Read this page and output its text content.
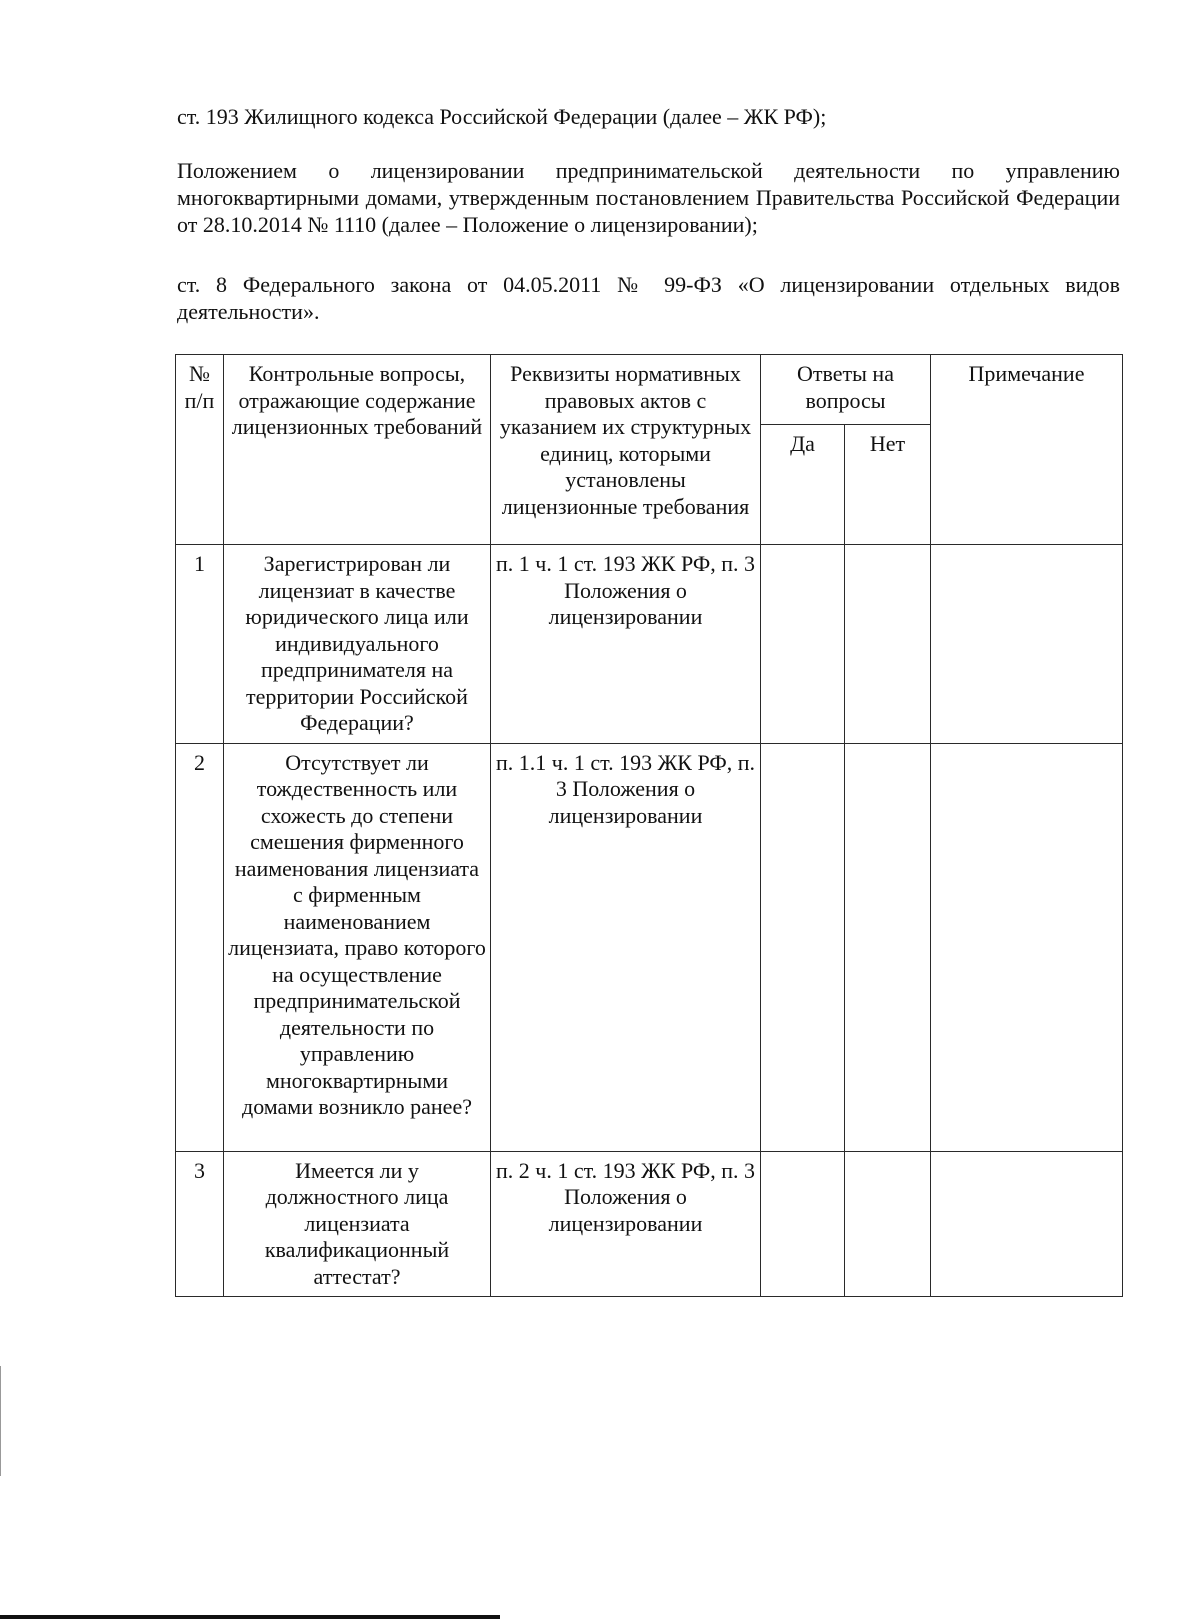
ст. 193 Жилищного кодекса Российской Федерации (далее – ЖК РФ);

Положением о лицензировании предпринимательской деятельности по управлению многоквартирными домами, утвержденным постановлением Правительства Российской Федерации от 28.10.2014 № 1110 (далее – Положение о лицензировании);

ст. 8 Федерального закона от 04.05.2011 № 99-ФЗ «О лицензировании отдельных видов деятельности».

№ п/п	Контрольные вопросы, отражающие содержание лицензионных требований	Реквизиты нормативных правовых актов с указанием их структурных единиц, которыми установлены лицензионные требования	Ответы на вопросы		Примечание
			Да	Нет	
1	Зарегистрирован ли лицензиат в качестве юридического лица или индивидуального предпринимателя на территории Российской Федерации?	п. 1 ч. 1 ст. 193 ЖК РФ, п. 3 Положения о лицензировании			
2	Отсутствует ли тождественность или схожесть до степени смешения фирменного наименования лицензиата с фирменным наименованием лицензиата, право которого на осуществление предпринимательской деятельности по управлению многоквартирными домами возникло ранее?	п. 1.1 ч. 1 ст. 193 ЖК РФ, п. 3 Положения о лицензировании			
3	Имеется ли у должностного лица лицензиата квалификационный аттестат?	п. 2 ч. 1 ст. 193 ЖК РФ, п. 3 Положения о лицензировании			
